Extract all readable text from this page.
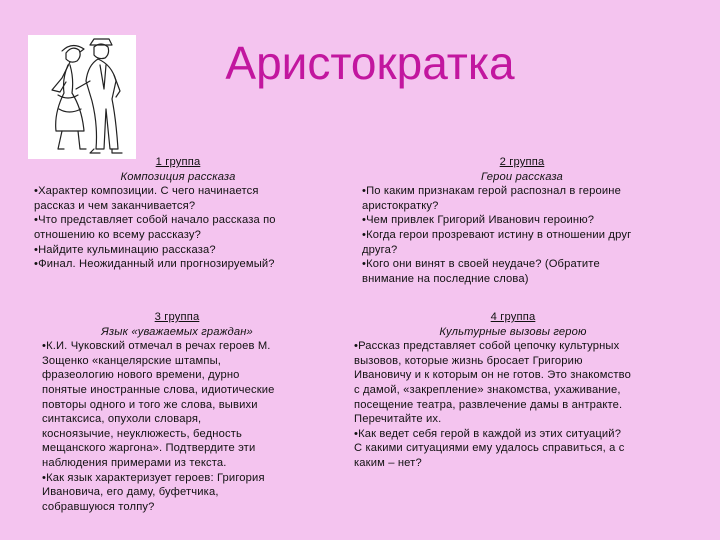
Аристократка
1 группа
Композиция рассказа
•Характер композиции. С чего начинается
рассказ и чем заканчивается?
•Что представляет собой начало рассказа по
отношению ко всему рассказу?
•Найдите кульминацию рассказа?
•Финал. Неожиданный или прогнозируемый?
2 группа
Герои рассказа
•По каким признакам герой распознал в героине
аристократку?
•Чем привлек Григорий Иванович героиню?
•Когда герои прозревают истину в отношении друг
друга?
•Кого они винят в своей неудаче? (Обратите
внимание на последние слова)
3 группа
Язык «уважаемых граждан»
•К.И. Чуковский отмечал в речах героев М.
Зощенко «канцелярские штампы,
фразеологию нового времени, дурно
понятые иностранные слова, идиотические
повторы одного и того же слова, вывихи
синтаксиса, опухоли словаря,
косноязычие, неуклюжесть, бедность
мещанского жаргона». Подтвердите эти
наблюдения примерами из текста.
•Как язык характеризует героев: Григория
Ивановича, его даму, буфетчика,
собравшуюся толпу?
4 группа
Культурные вызовы герою
•Рассказ представляет собой цепочку культурных
вызовов, которые жизнь бросает Григорию
Ивановичу и к которым он не готов. Это знакомство
с дамой, «закрепление» знакомства, ухаживание,
посещение театра, развлечение дамы в антракте.
Перечитайте их.
•Как ведет себя герой в каждой из этих ситуаций?
С какими ситуациями ему удалось справиться, а с
каким – нет?
